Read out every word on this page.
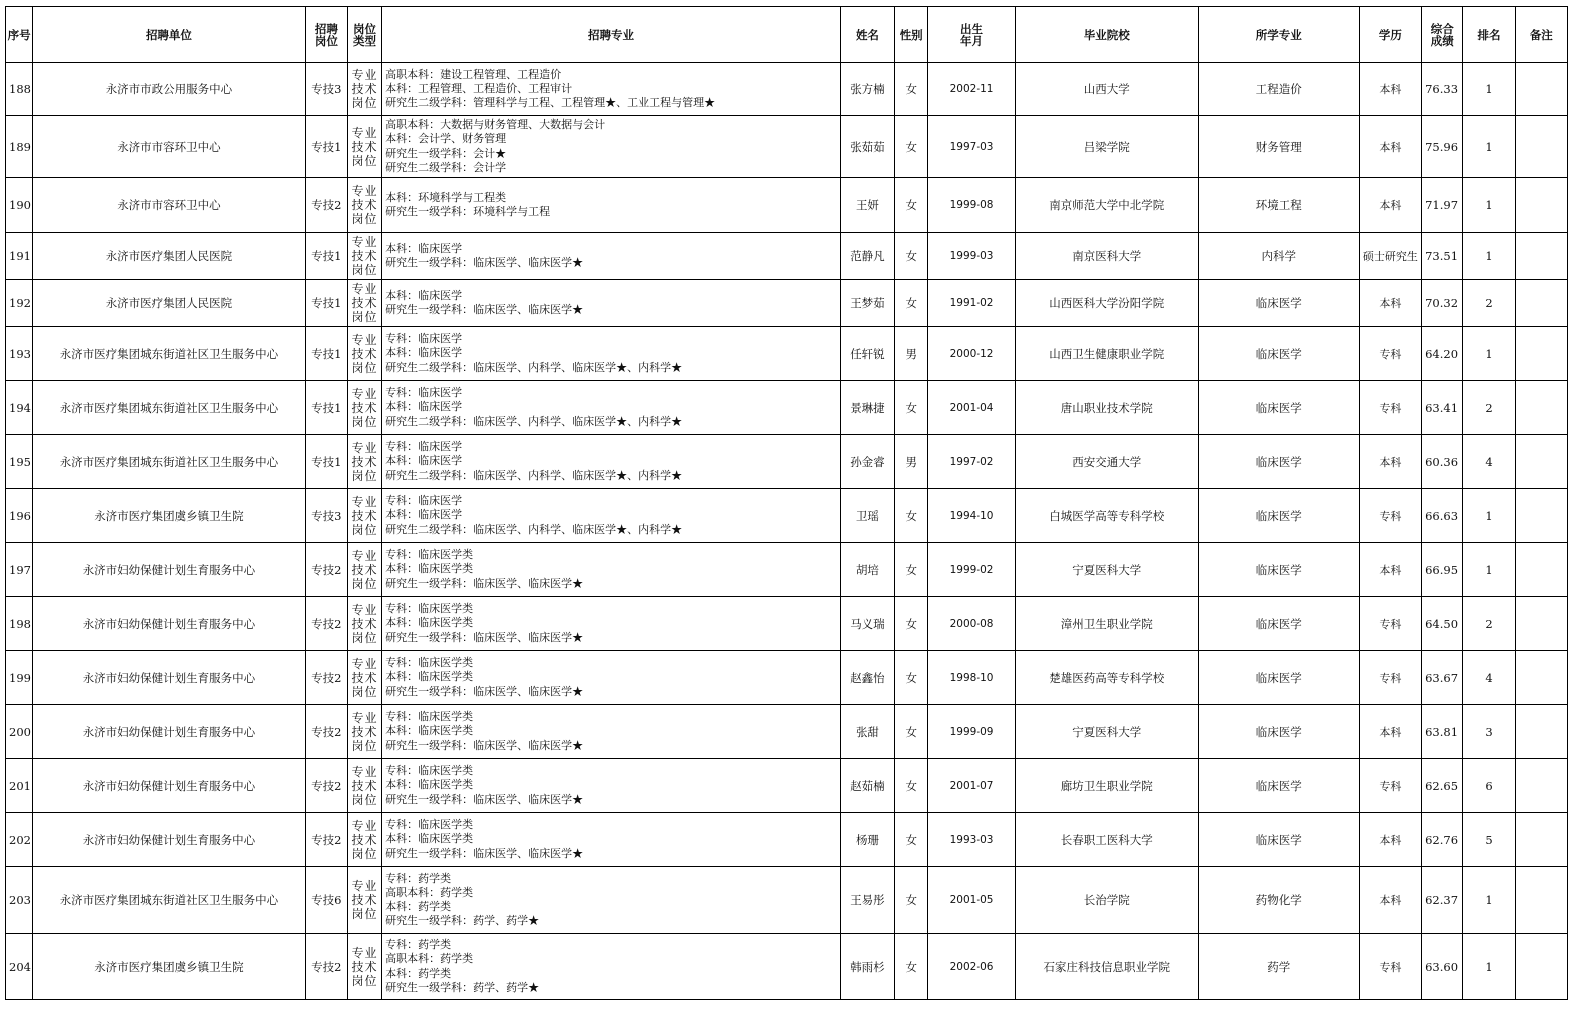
序号	招聘单位	招聘
岗位	岗位
类型	招聘专业	姓名	性别	出生
年月	毕业院校	所学专业	学历	综合
成绩	排名	备注
188	永济市市政公用服务中心	专技3	专业
技术
岗位	高职本科：建设工程管理、工程造价
本科：工程管理、工程造价、工程审计
研究生二级学科：管理科学与工程、工程管理★、工业工程与管理★	张方楠	女	2002-11	山西大学	工程造价	本科	76.33	1	
189	永济市市容环卫中心	专技1	专业
技术
岗位	高职本科：大数据与财务管理、大数据与会计
本科：会计学、财务管理
研究生一级学科：会计★
研究生二级学科：会计学	张茹茹	女	1997-03	吕梁学院	财务管理	本科	75.96	1	
190	永济市市容环卫中心	专技2	专业
技术
岗位	本科：环境科学与工程类
研究生一级学科：环境科学与工程	王妍	女	1999-08	南京师范大学中北学院	环境工程	本科	71.97	1	
191	永济市医疗集团人民医院	专技1	专业
技术
岗位	本科：临床医学
研究生一级学科：临床医学、临床医学★	范静凡	女	1999-03	南京医科大学	内科学	硕士研究生	73.51	1	
192	永济市医疗集团人民医院	专技1	专业
技术
岗位	本科：临床医学
研究生一级学科：临床医学、临床医学★	王梦茹	女	1991-02	山西医科大学汾阳学院	临床医学	本科	70.32	2	
193	永济市医疗集团城东街道社区卫生服务中心	专技1	专业
技术
岗位	专科：临床医学
本科：临床医学
研究生二级学科：临床医学、内科学、临床医学★、内科学★	任轩锐	男	2000-12	山西卫生健康职业学院	临床医学	专科	64.20	1	
194	永济市医疗集团城东街道社区卫生服务中心	专技1	专业
技术
岗位	专科：临床医学
本科：临床医学
研究生二级学科：临床医学、内科学、临床医学★、内科学★	景琳捷	女	2001-04	唐山职业技术学院	临床医学	专科	63.41	2	
195	永济市医疗集团城东街道社区卫生服务中心	专技1	专业
技术
岗位	专科：临床医学
本科：临床医学
研究生二级学科：临床医学、内科学、临床医学★、内科学★	孙金睿	男	1997-02	西安交通大学	临床医学	本科	60.36	4	
196	永济市医疗集团虞乡镇卫生院	专技3	专业
技术
岗位	专科：临床医学
本科：临床医学
研究生二级学科：临床医学、内科学、临床医学★、内科学★	卫瑶	女	1994-10	白城医学高等专科学校	临床医学	专科	66.63	1	
197	永济市妇幼保健计划生育服务中心	专技2	专业
技术
岗位	专科：临床医学类
本科：临床医学类
研究生一级学科：临床医学、临床医学★	胡培	女	1999-02	宁夏医科大学	临床医学	本科	66.95	1	
198	永济市妇幼保健计划生育服务中心	专技2	专业
技术
岗位	专科：临床医学类
本科：临床医学类
研究生一级学科：临床医学、临床医学★	马义瑞	女	2000-08	漳州卫生职业学院	临床医学	专科	64.50	2	
199	永济市妇幼保健计划生育服务中心	专技2	专业
技术
岗位	专科：临床医学类
本科：临床医学类
研究生一级学科：临床医学、临床医学★	赵鑫怡	女	1998-10	楚雄医药高等专科学校	临床医学	专科	63.67	4	
200	永济市妇幼保健计划生育服务中心	专技2	专业
技术
岗位	专科：临床医学类
本科：临床医学类
研究生一级学科：临床医学、临床医学★	张甜	女	1999-09	宁夏医科大学	临床医学	本科	63.81	3	
201	永济市妇幼保健计划生育服务中心	专技2	专业
技术
岗位	专科：临床医学类
本科：临床医学类
研究生一级学科：临床医学、临床医学★	赵茹楠	女	2001-07	廊坊卫生职业学院	临床医学	专科	62.65	6	
202	永济市妇幼保健计划生育服务中心	专技2	专业
技术
岗位	专科：临床医学类
本科：临床医学类
研究生一级学科：临床医学、临床医学★	杨珊	女	1993-03	长春职工医科大学	临床医学	本科	62.76	5	
203	永济市医疗集团城东街道社区卫生服务中心	专技6	专业
技术
岗位	专科：药学类
高职本科：药学类
本科：药学类
研究生一级学科：药学、药学★	王易彤	女	2001-05	长治学院	药物化学	本科	62.37	1	
204	永济市医疗集团虞乡镇卫生院	专技2	专业
技术
岗位	专科：药学类
高职本科：药学类
本科：药学类
研究生一级学科：药学、药学★	韩雨杉	女	2002-06	石家庄科技信息职业学院	药学	专科	63.60	1	
